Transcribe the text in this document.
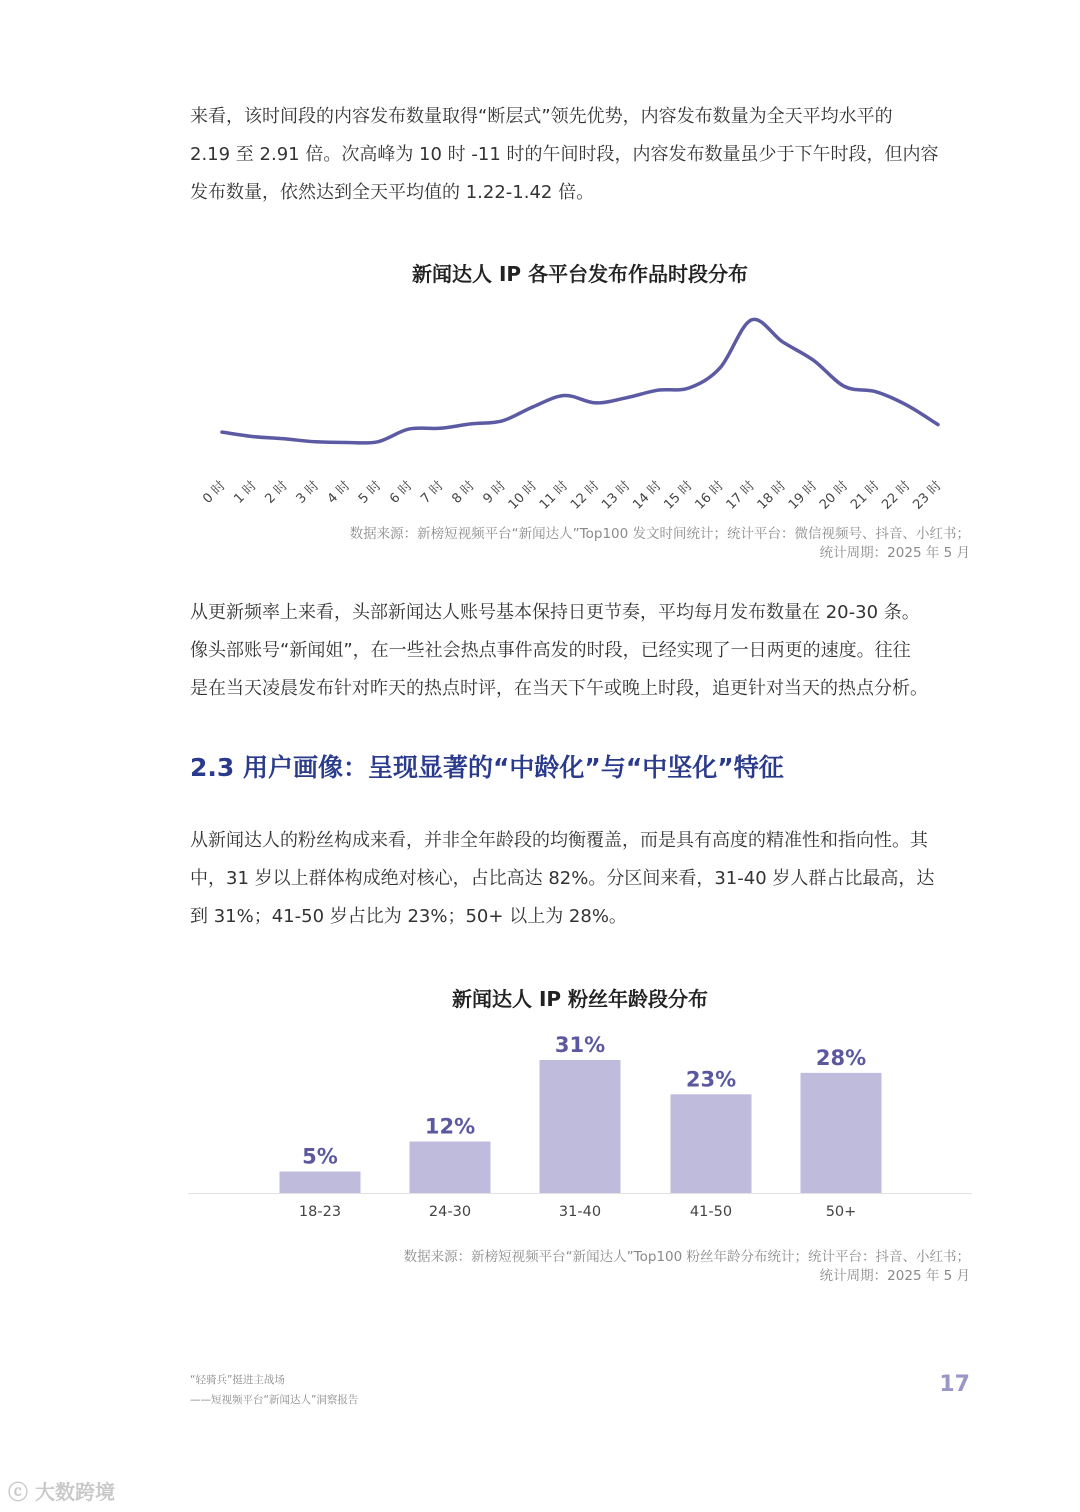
来看，该时间段的内容发布数量取得“断层式”领先优势，内容发布数量为全天平均水平的
2.19 至 2.91 倍。次高峰为 10 时 -11 时的午间时段，内容发布数量虽少于下午时段，但内容
发布数量，依然达到全天平均值的 1.22-1.42 倍。
新闻达人 IP 各平台发布作品时段分布
0 时 1 时 2 时 3 时 4 时 5 时 6 时 7 时 8 时 9 时
10 时
11 时
12 时
13 时
14 时
15 时
16 时
17 时
18 时
19 时
20 时
21 时
22 时
23 时
数据来源：新榜短视频平台“新闻达人”Top100 发文时间统计；统计平台：微信视频号、抖音、小红书；
统计周期：2025 年 5 月
从更新频率上来看，头部新闻达人账号基本保持日更节奏，平均每月发布数量在 20-30 条。
像头部账号“新闻姐”，在一些社会热点事件高发的时段，已经实现了一日两更的速度。往往
是在当天凌晨发布针对昨天的热点时评，在当天下午或晚上时段，追更针对当天的热点分析。
2.3 用户画像：呈现显著的“中龄化”与“中坚化”特征
从新闻达人的粉丝构成来看，并非全年龄段的均衡覆盖，而是具有高度的精准性和指向性。其
中，31 岁以上群体构成绝对核心，占比高达 82%。分区间来看，31-40 岁人群占比最高，达
到 31%；41-50 岁占比为 23%；50+ 以上为 28%。
新闻达人 IP 粉丝年龄段分布
5%
18-23
12%
24-30
31%
31-40
23%
41-50
28%
50+
数据来源：新榜短视频平台“新闻达人”Top100 粉丝年龄分布统计；统计平台：抖音、小红书；
统计周期：2025 年 5 月
“轻骑兵”挺进主战场
——短视频平台“新闻达人”洞察报告
17
ⓒ 大数跨境
